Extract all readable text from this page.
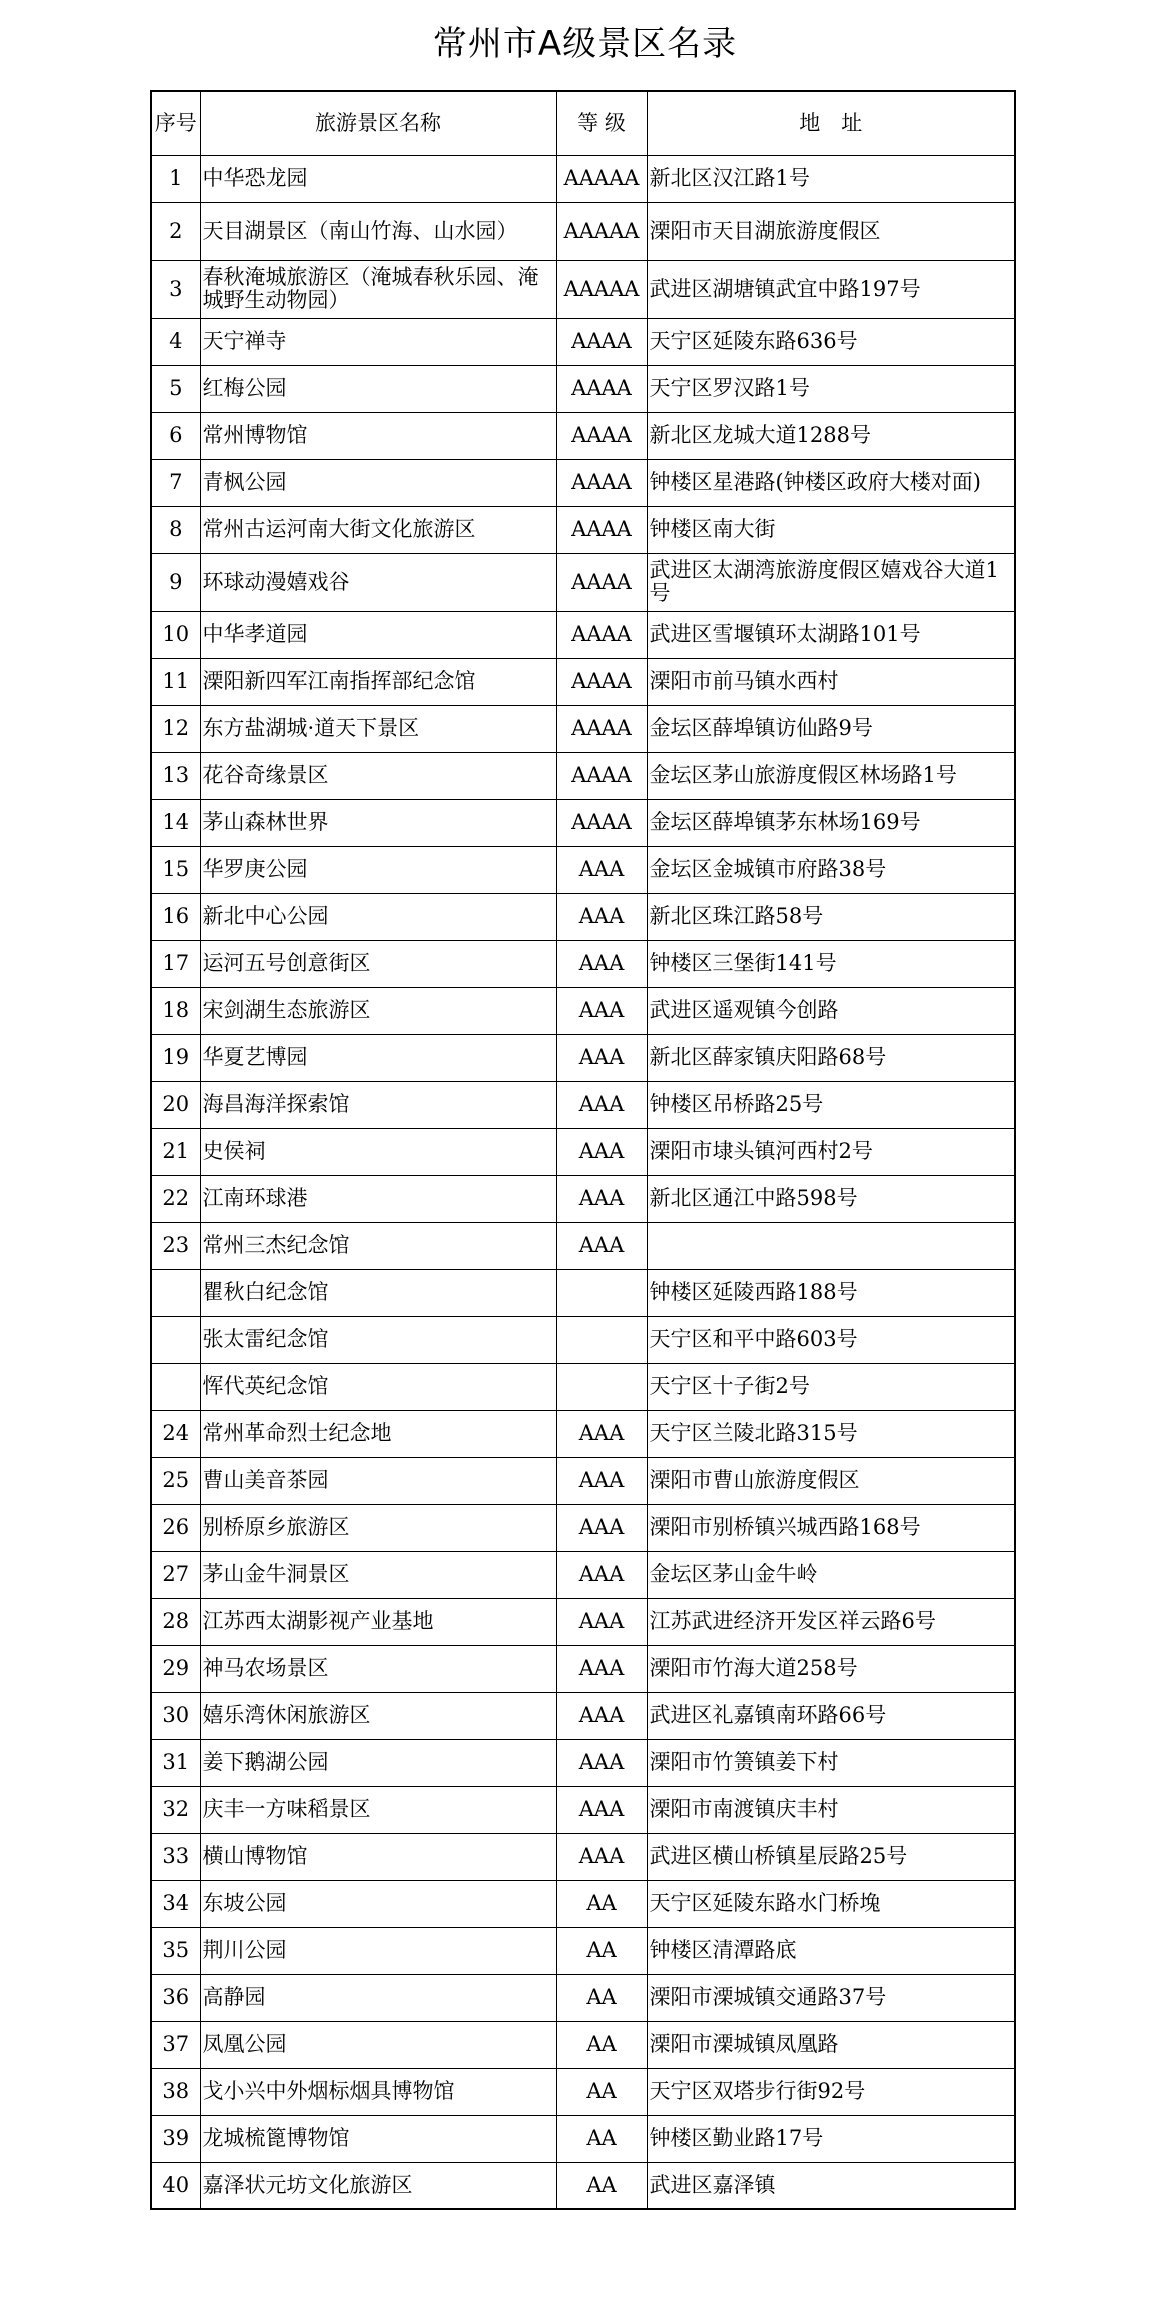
常州市A级景区名录
序号	旅游景区名称	等 级	地　址
1	中华恐龙园	AAAAA	新北区汉江路1号
2	天目湖景区（南山竹海、山水园）	AAAAA	溧阳市天目湖旅游度假区
3	春秋淹城旅游区（淹城春秋乐园、淹城野生动物园）	AAAAA	武进区湖塘镇武宜中路197号
4	天宁禅寺	AAAA	天宁区延陵东路636号
5	红梅公园	AAAA	天宁区罗汉路1号
6	常州博物馆	AAAA	新北区龙城大道1288号
7	青枫公园	AAAA	钟楼区星港路(钟楼区政府大楼对面)
8	常州古运河南大街文化旅游区	AAAA	钟楼区南大街
9	环球动漫嬉戏谷	AAAA	武进区太湖湾旅游度假区嬉戏谷大道1号
10	中华孝道园	AAAA	武进区雪堰镇环太湖路101号
11	溧阳新四军江南指挥部纪念馆	AAAA	溧阳市前马镇水西村
12	东方盐湖城·道天下景区	AAAA	金坛区薛埠镇访仙路9号
13	花谷奇缘景区	AAAA	金坛区茅山旅游度假区林场路1号
14	茅山森林世界	AAAA	金坛区薛埠镇茅东林场169号
15	华罗庚公园	AAA	金坛区金城镇市府路38号
16	新北中心公园	AAA	新北区珠江路58号
17	运河五号创意街区	AAA	钟楼区三堡街141号
18	宋剑湖生态旅游区	AAA	武进区遥观镇今创路
19	华夏艺博园	AAA	新北区薛家镇庆阳路68号
20	海昌海洋探索馆	AAA	钟楼区吊桥路25号
21	史侯祠	AAA	溧阳市埭头镇河西村2号
22	江南环球港	AAA	新北区通江中路598号
23	常州三杰纪念馆	AAA	
	瞿秋白纪念馆		钟楼区延陵西路188号
	张太雷纪念馆		天宁区和平中路603号
	恽代英纪念馆		天宁区十子街2号
24	常州革命烈士纪念地	AAA	天宁区兰陵北路315号
25	曹山美音茶园	AAA	溧阳市曹山旅游度假区
26	别桥原乡旅游区	AAA	溧阳市别桥镇兴城西路168号
27	茅山金牛洞景区	AAA	金坛区茅山金牛岭
28	江苏西太湖影视产业基地	AAA	江苏武进经济开发区祥云路6号
29	神马农场景区	AAA	溧阳市竹海大道258号
30	嬉乐湾休闲旅游区	AAA	武进区礼嘉镇南环路66号
31	姜下鹅湖公园	AAA	溧阳市竹箦镇姜下村
32	庆丰一方味稻景区	AAA	溧阳市南渡镇庆丰村
33	横山博物馆	AAA	武进区横山桥镇星辰路25号
34	东坡公园	AA	天宁区延陵东路水门桥堍
35	荆川公园	AA	钟楼区清潭路底
36	高静园	AA	溧阳市溧城镇交通路37号
37	凤凰公园	AA	溧阳市溧城镇凤凰路
38	戈小兴中外烟标烟具博物馆	AA	天宁区双塔步行街92号
39	龙城梳篦博物馆	AA	钟楼区勤业路17号
40	嘉泽状元坊文化旅游区	AA	武进区嘉泽镇
